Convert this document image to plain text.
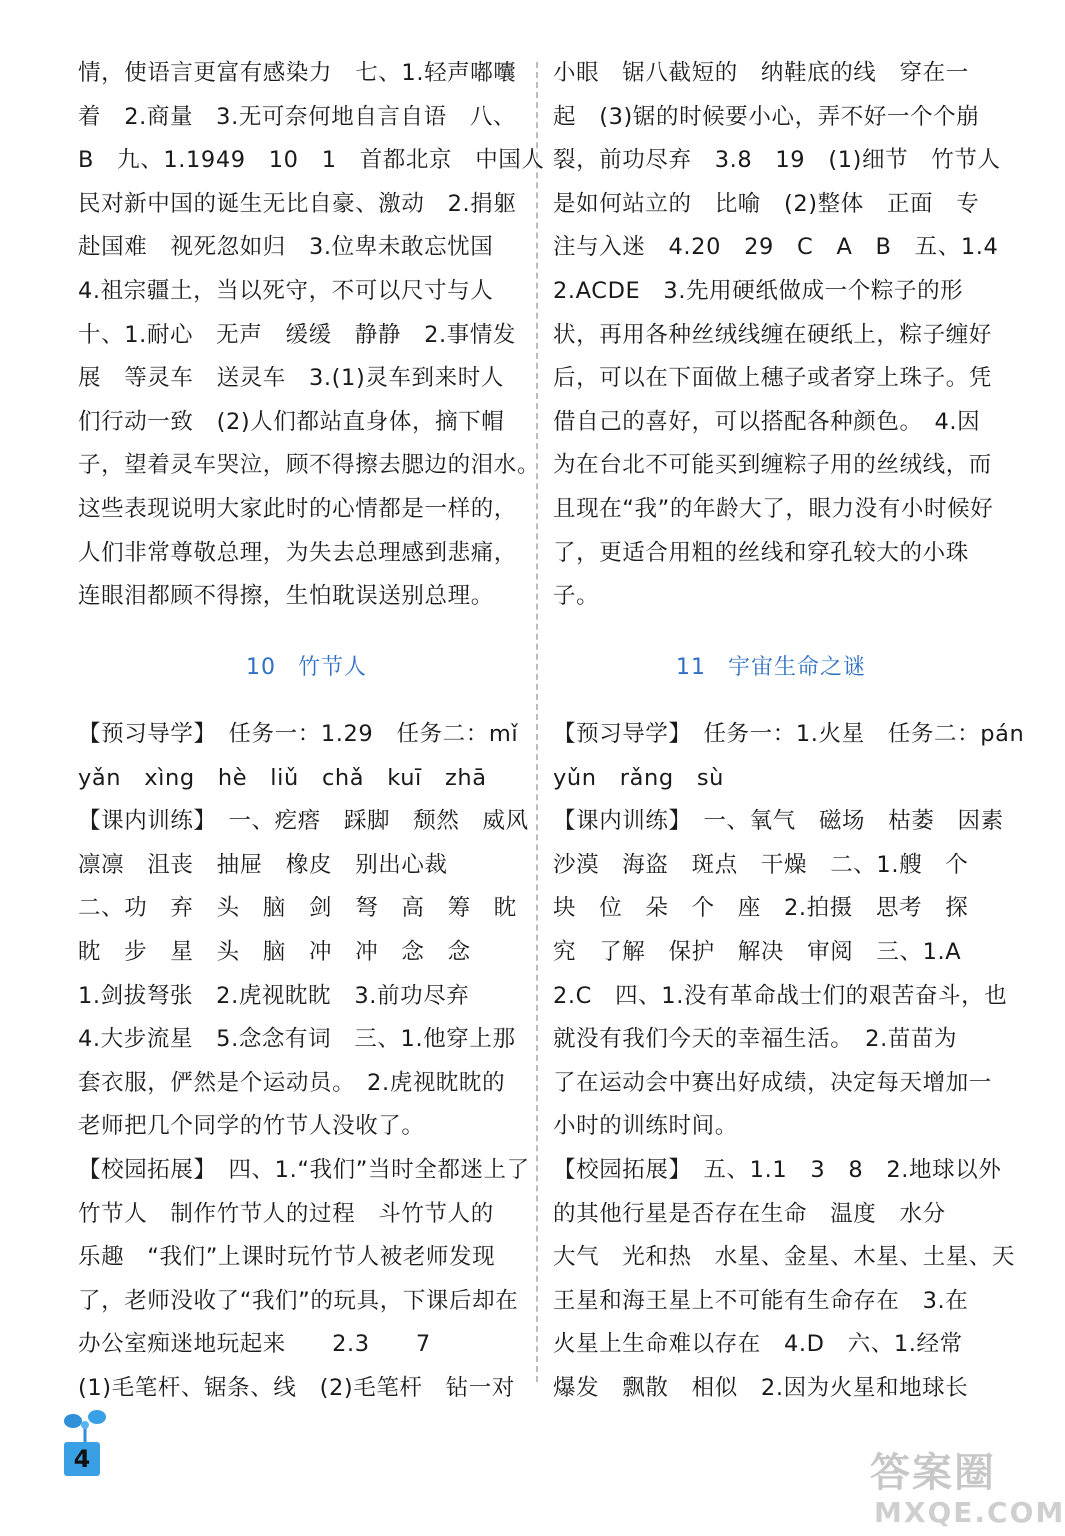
情，使语言更富有感染力　七、1.轻声嘟囔
着　2.商量　3.无可奈何地自言自语　八、
B　九、1.1949　10　1　首都北京　中国人
民对新中国的诞生无比自豪、激动　2.捐躯
赴国难　视死忽如归　3.位卑未敢忘忧国
4.祖宗疆土，当以死守，不可以尺寸与人
十、1.耐心　无声　缓缓　静静　2.事情发
展　等灵车　送灵车　3.(1)灵车到来时人
们行动一致　(2)人们都站直身体，摘下帽
子，望着灵车哭泣，顾不得擦去腮边的泪水。
这些表现说明大家此时的心情都是一样的，
人们非常尊敬总理，为失去总理感到悲痛，
连眼泪都顾不得擦，生怕耽误送别总理。
小眼　锯八截短的　纳鞋底的线　穿在一
起　(3)锯的时候要小心，弄不好一个个崩
裂，前功尽弃　3.8　19　(1)细节　竹节人
是如何站立的　比喻　(2)整体　正面　专
注与入迷　4.20　29　C　A　B　五、1.4
2.ACDE　3.先用硬纸做成一个粽子的形
状，再用各种丝绒线缠在硬纸上，粽子缠好
后，可以在下面做上穗子或者穿上珠子。凭
借自己的喜好，可以搭配各种颜色。　4.因
为在台北不可能买到缠粽子用的丝绒线，而
且现在“我”的年龄大了，眼力没有小时候好
了，更适合用粗的丝线和穿孔较大的小珠
子。
10 竹节人	11 宇宙生命之谜
【预习导学】　任务一：1.29　任务二：mǐ
yǎn　xìng　hè　liǔ　chǎ　kuī　zhā
【课内训练】　一、疙瘩　踩脚　颓然　威风
凛凛　沮丧　抽屉　橡皮　别出心裁
二、功　弃　头　脑　剑　弩　高　筹　眈
眈　步　星　头　脑　冲　冲　念　念
1.剑拔弩张　2.虎视眈眈　3.前功尽弃
4.大步流星　5.念念有词　三、1.他穿上那
套衣服，俨然是个运动员。　2.虎视眈眈的
老师把几个同学的竹节人没收了。
【校园拓展】　四、1.“我们”当时全都迷上了
竹节人　制作竹节人的过程　斗竹节人的
乐趣　“我们”上课时玩竹节人被老师发现
了，老师没收了“我们”的玩具，下课后却在
办公室痴迷地玩起来　　2.3　　7
(1)毛笔杆、锯条、线　(2)毛笔杆　钻一对
【预习导学】　任务一：1.火星　任务二：pán
yǔn　rǎng　sù
【课内训练】　一、氧气　磁场　枯萎　因素
沙漠　海盗　斑点　干燥　二、1.艘　个
块　位　朵　个　座　2.拍摄　思考　探
究　了解　保护　解决　审阅　三、1.A
2.C　四、1.没有革命战士们的艰苦奋斗，也
就没有我们今天的幸福生活。　2.苗苗为
了在运动会中赛出好成绩，决定每天增加一
小时的训练时间。
【校园拓展】　五、1.1　3　8　2.地球以外
的其他行星是否存在生命　温度　水分
大气　光和热　水星、金星、木星、土星、天
王星和海王星上不可能有生命存在　3.在
火星上生命难以存在　4.D　六、1.经常
爆发　飘散　相似　2.因为火星和地球长
4	答案圈
MXQE.COM
